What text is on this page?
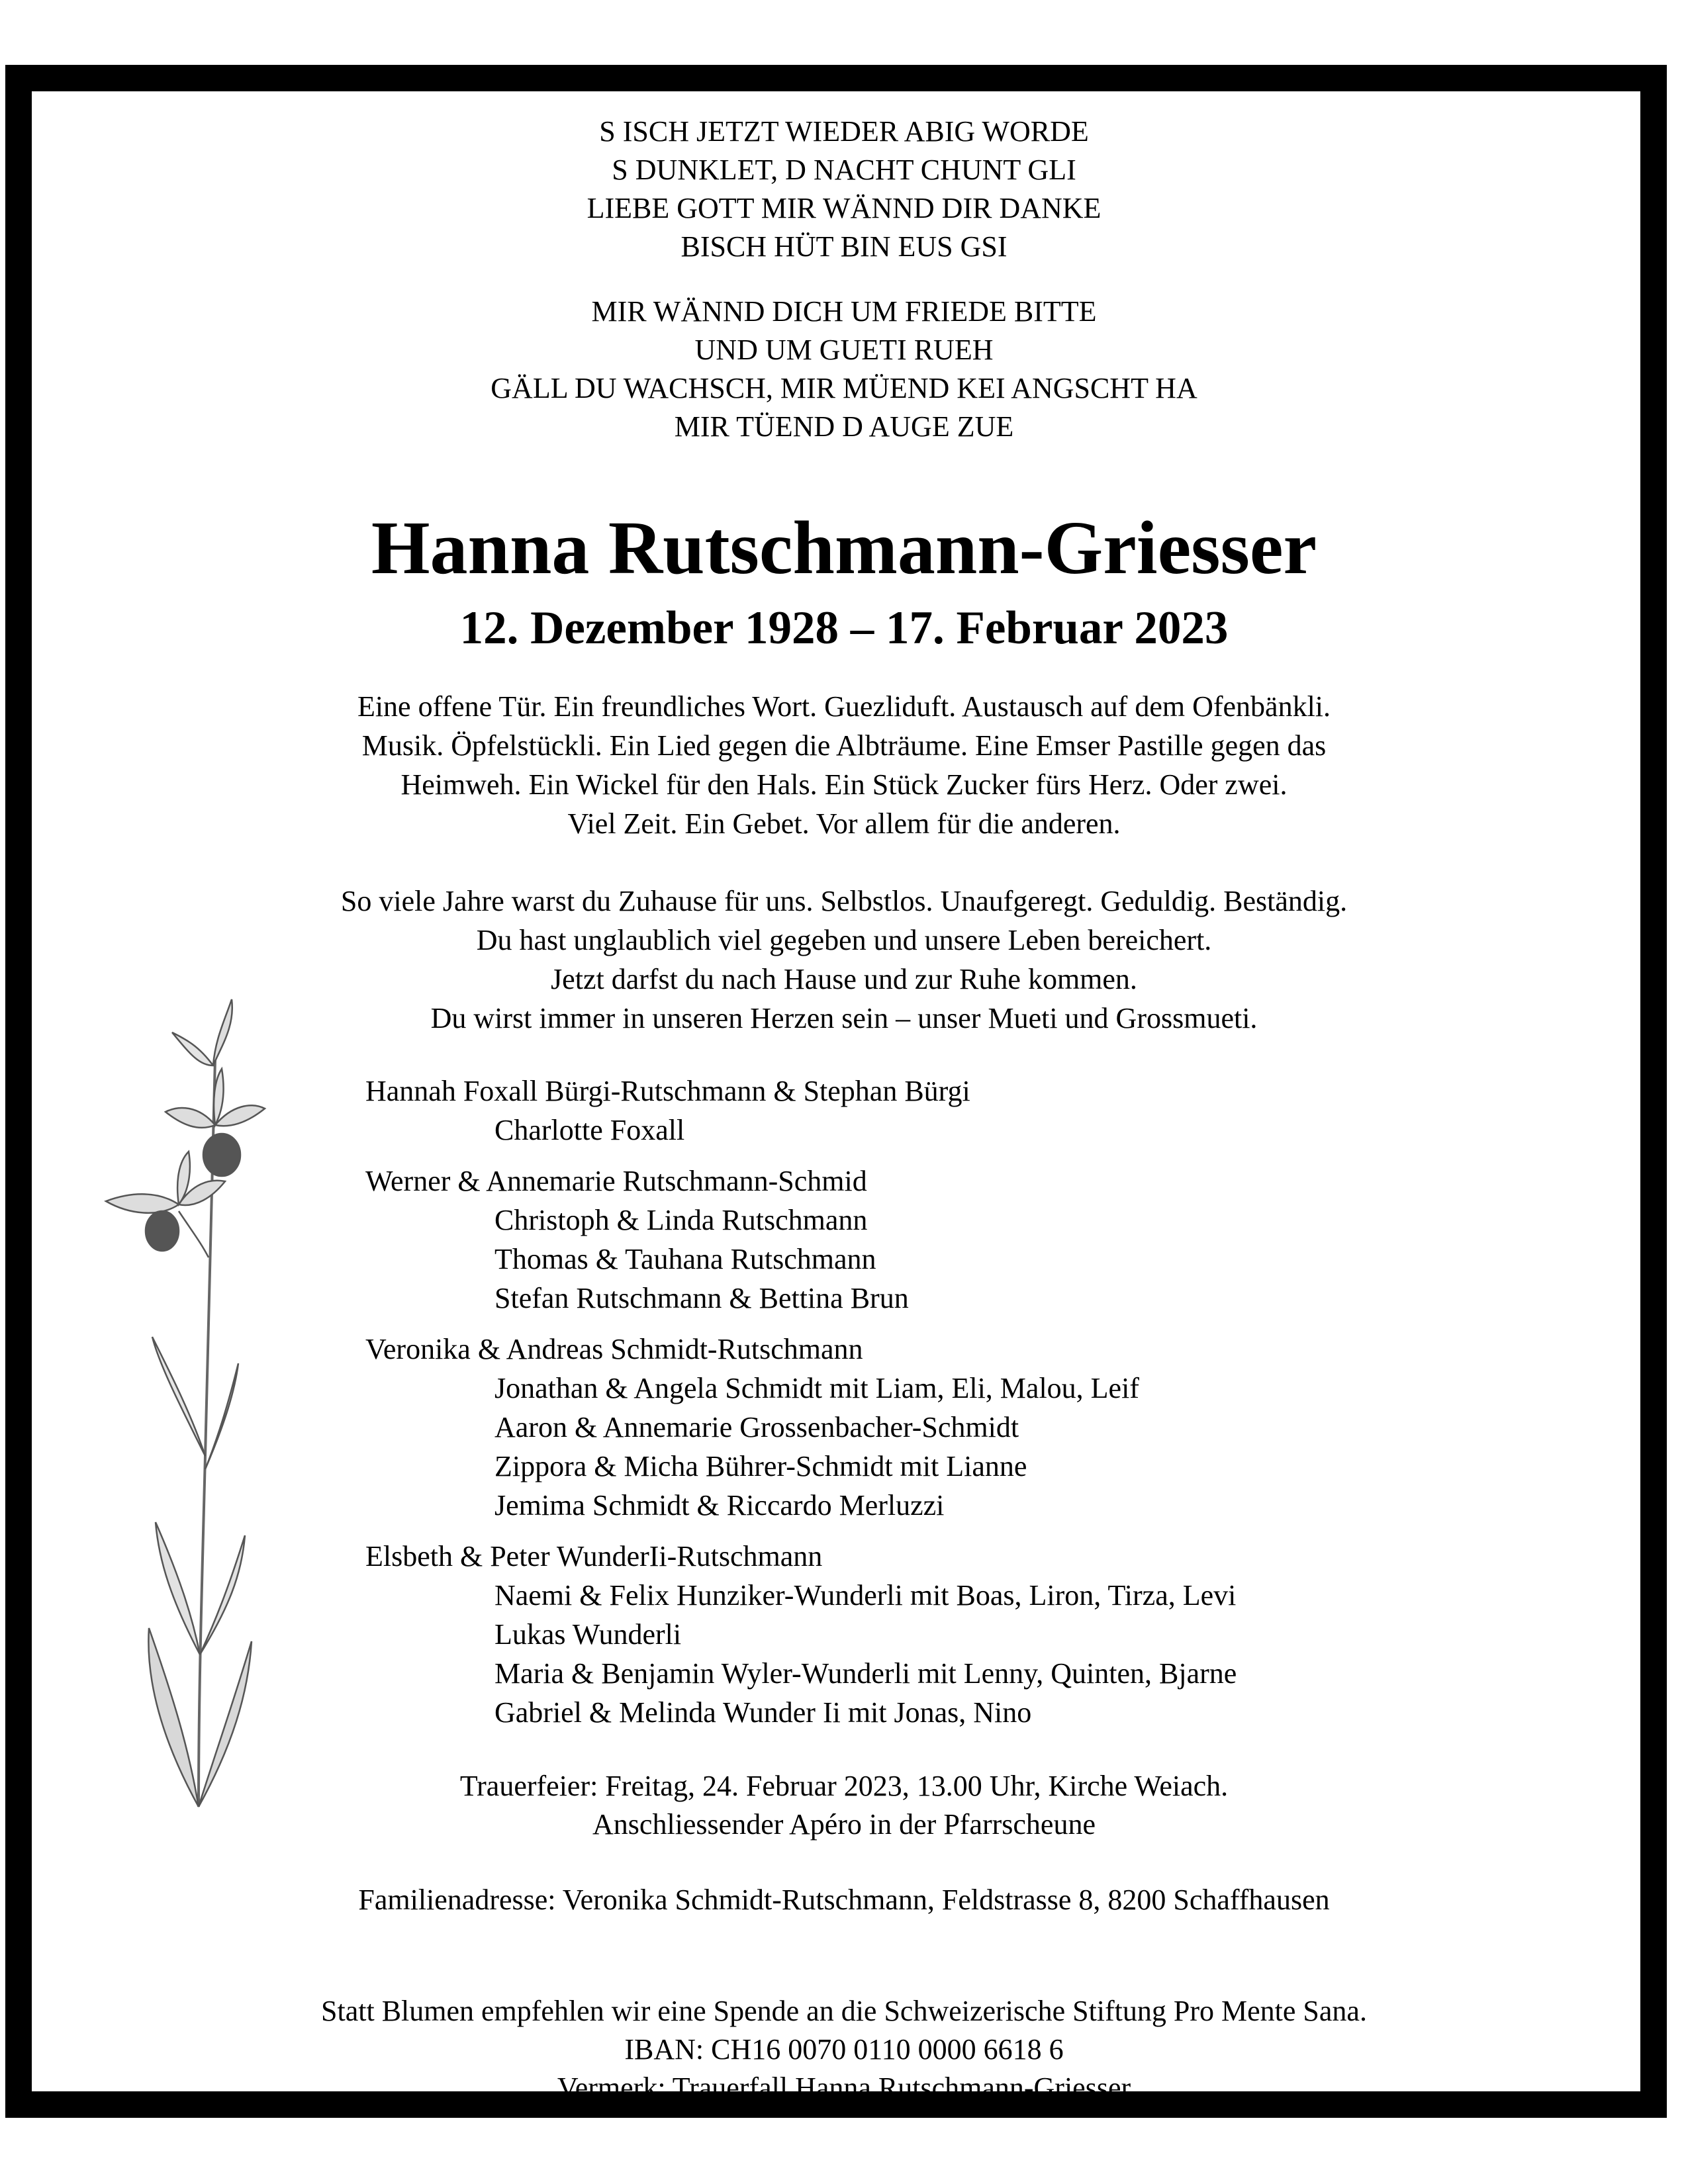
S ISCH JETZT WIEDER ABIG WORDE
S DUNKLET, D NACHT CHUNT GLI
LIEBE GOTT MIR WÄNND DIR DANKE
BISCH HÜT BIN EUS GSI
MIR WÄNND DICH UM FRIEDE BITTE
UND UM GUETI RUEH
GÄLL DU WACHSCH, MIR MÜEND KEI ANGSCHT HA
MIR TÜEND D AUGE ZUE
Hanna Rutschmann-Griesser
12. Dezember 1928 – 17. Februar 2023
Eine offene Tür. Ein freundliches Wort. Guezliduft. Austausch auf dem Ofenbänkli.
Musik. Öpfelstückli. Ein Lied gegen die Albträume. Eine Emser Pastille gegen das
Heimweh. Ein Wickel für den Hals. Ein Stück Zucker fürs Herz. Oder zwei.
Viel Zeit. Ein Gebet. Vor allem für die anderen.
So viele Jahre warst du Zuhause für uns. Selbstlos. Unaufgeregt. Geduldig. Beständig.
Du hast unglaublich viel gegeben und unsere Leben bereichert.
Jetzt darfst du nach Hause und zur Ruhe kommen.
Du wirst immer in unseren Herzen sein – unser Mueti und Grossmueti.
Hannah Foxall Bürgi-Rutschmann & Stephan Bürgi
Charlotte Foxall
Werner & Annemarie Rutschmann-Schmid
Christoph & Linda Rutschmann
Thomas & Tauhana Rutschmann
Stefan Rutschmann & Bettina Brun
Veronika & Andreas Schmidt-Rutschmann
Jonathan & Angela Schmidt mit Liam, Eli, Malou, Leif
Aaron & Annemarie Grossenbacher-Schmidt
Zippora & Micha Bührer-Schmidt mit Lianne
Jemima Schmidt & Riccardo Merluzzi
Elsbeth & Peter WunderIi-Rutschmann
Naemi & Felix Hunziker-Wunderli mit Boas, Liron, Tirza, Levi
Lukas Wunderli
Maria & Benjamin Wyler-Wunderli mit Lenny, Quinten, Bjarne
Gabriel & Melinda Wunder Ii mit Jonas, Nino
Trauerfeier: Freitag, 24. Februar 2023, 13.00 Uhr, Kirche Weiach.
Anschliessender Apéro in der Pfarrscheune
Familienadresse: Veronika Schmidt-Rutschmann, Feldstrasse 8, 8200 Schaffhausen
Statt Blumen empfehlen wir eine Spende an die Schweizerische Stiftung Pro Mente Sana.
IBAN: CH16 0070 0110 0000 6618 6
Vermerk: Trauerfall Hanna Rutschmann-Griesser
